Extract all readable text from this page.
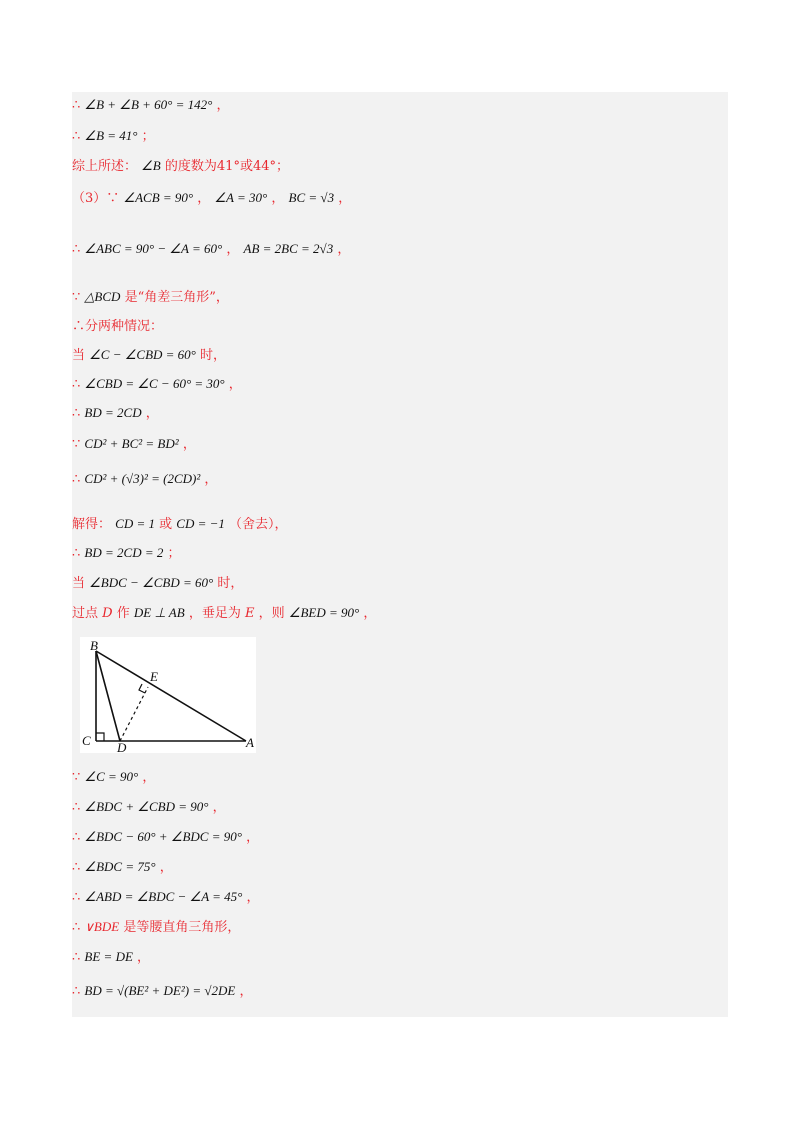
∴ ∠B + ∠B + 60° = 142° ，
∴ ∠B = 41° ；
综上所述： ∠B 的度数为41°或44°；
（3）∵ ∠ACB = 90° ， ∠A = 30° ， BC = √3 ，
∴ ∠ABC = 90° − ∠A = 60° ， AB = 2BC = 2√3 ，
∵ △BCD 是“角差三角形”，
∴分两种情况：
当 ∠C − ∠CBD = 60° 时，
∴ ∠CBD = ∠C − 60° = 30° ，
∴ BD = 2CD ，
∵ CD² + BC² = BD² ，
∴ CD² + (√3)² = (2CD)² ，
解得： CD = 1 或 CD = −1 （舍去），
∴ BD = 2CD = 2 ；
当 ∠BDC − ∠CBD = 60° 时，
过点 D 作 DE ⊥ AB ，垂足为 E ，则 ∠BED = 90° ，
B
E
C D	A
∵ ∠C = 90° ，
∴ ∠BDC + ∠CBD = 90° ，
∴ ∠BDC − 60° + ∠BDC = 90° ，
∴ ∠BDC = 75° ，
∴ ∠ABD = ∠BDC − ∠A = 45° ，
∴ ∨BDE 是等腰直角三角形，
∴ BE = DE ，
∴ BD = √(BE² + DE²) = √2DE ，
